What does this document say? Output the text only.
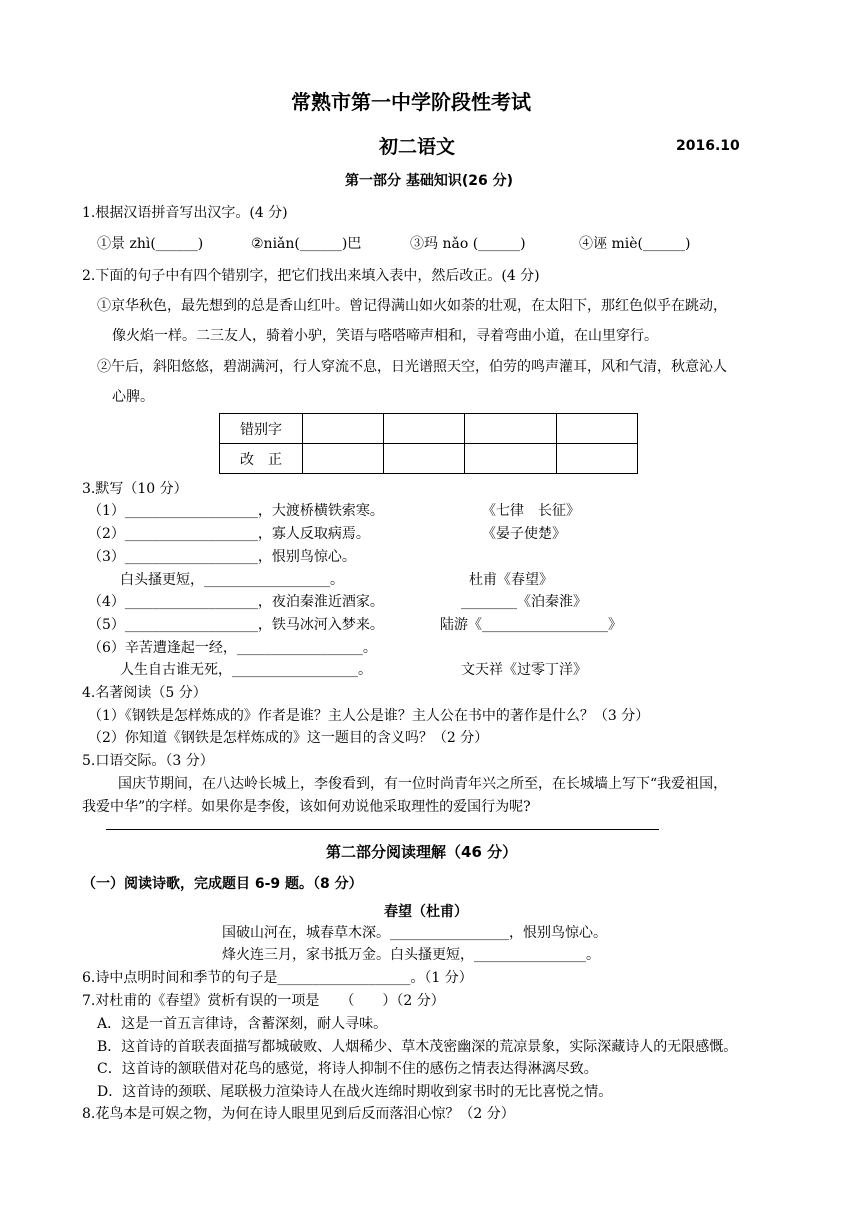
常熟市第一中学阶段性考试
初二语文	2016.10
第一部分 基础知识(26 分)
1.根据汉语拼音写出汉字。(4 分)
①景 zhì(______)	②niǎn(______)巴	③玛 nǎo (______)	④诬 miè(______)
2.下面的句子中有四个错别字，把它们找出来填入表中，然后改正。(4 分)
①京华秋色，最先想到的总是香山红叶。曾记得满山如火如荼的壮观，在太阳下，那红色似乎在跳动，
像火焰一样。二三友人，骑着小驴，笑语与嗒嗒啼声相和，寻着弯曲小道，在山里穿行。
②午后，斜阳悠悠，碧湖满河，行人穿流不息，日光谱照天空，伯劳的鸣声灌耳，风和气清，秋意沁人
心脾。
错别字				
改　正				
3.默写（10 分）
（1）___________________，大渡桥横铁索寒。	《七律　长征》
（2）___________________，寡人反取病焉。	《晏子使楚》
（3）___________________，恨别鸟惊心。
白头搔更短，__________________。	杜甫《春望》
（4）___________________，夜泊秦淮近酒家。	________《泊秦淮》
（5）___________________，铁马冰河入梦来。	陆游《__________________》
（6）辛苦遭逢起一经，__________________。
人生自古谁无死，__________________。	文天祥《过零丁洋》
4.名著阅读（5 分）
（1）《钢铁是怎样炼成的》作者是谁？主人公是谁？主人公在书中的著作是什么？（3 分）
（2）你知道《钢铁是怎样炼成的》这一题目的含义吗？（2 分）
5.口语交际。（3 分）
国庆节期间，在八达岭长城上，李俊看到，有一位时尚青年兴之所至，在长城墙上写下“我爱祖国，
我爱中华”的字样。如果你是李俊，该如何劝说他采取理性的爱国行为呢?
第二部分阅读理解（46 分）
（一）阅读诗歌，完成题目 6-9 题。（8 分）
春望（杜甫）
国破山河在，城春草木深。_________________，恨别鸟惊心。
烽火连三月，家书抵万金。白头搔更短，________________。
6.诗中点明时间和季节的句子是___________________。（1 分）
7.对杜甫的《春望》赏析有误的一项是　　（　　）（2 分）
A．这是一首五言律诗，含蓄深刻，耐人寻味。
B．这首诗的首联表面描写都城破败、人烟稀少、草木茂密幽深的荒凉景象，实际深藏诗人的无限感慨。
C．这首诗的颔联借对花鸟的感觉，将诗人抑制不住的感伤之情表达得淋漓尽致。
D．这首诗的颈联、尾联极力渲染诗人在战火连绵时期收到家书时的无比喜悦之情。
8.花鸟本是可娱之物，为何在诗人眼里见到后反而落泪心惊？（2 分）
